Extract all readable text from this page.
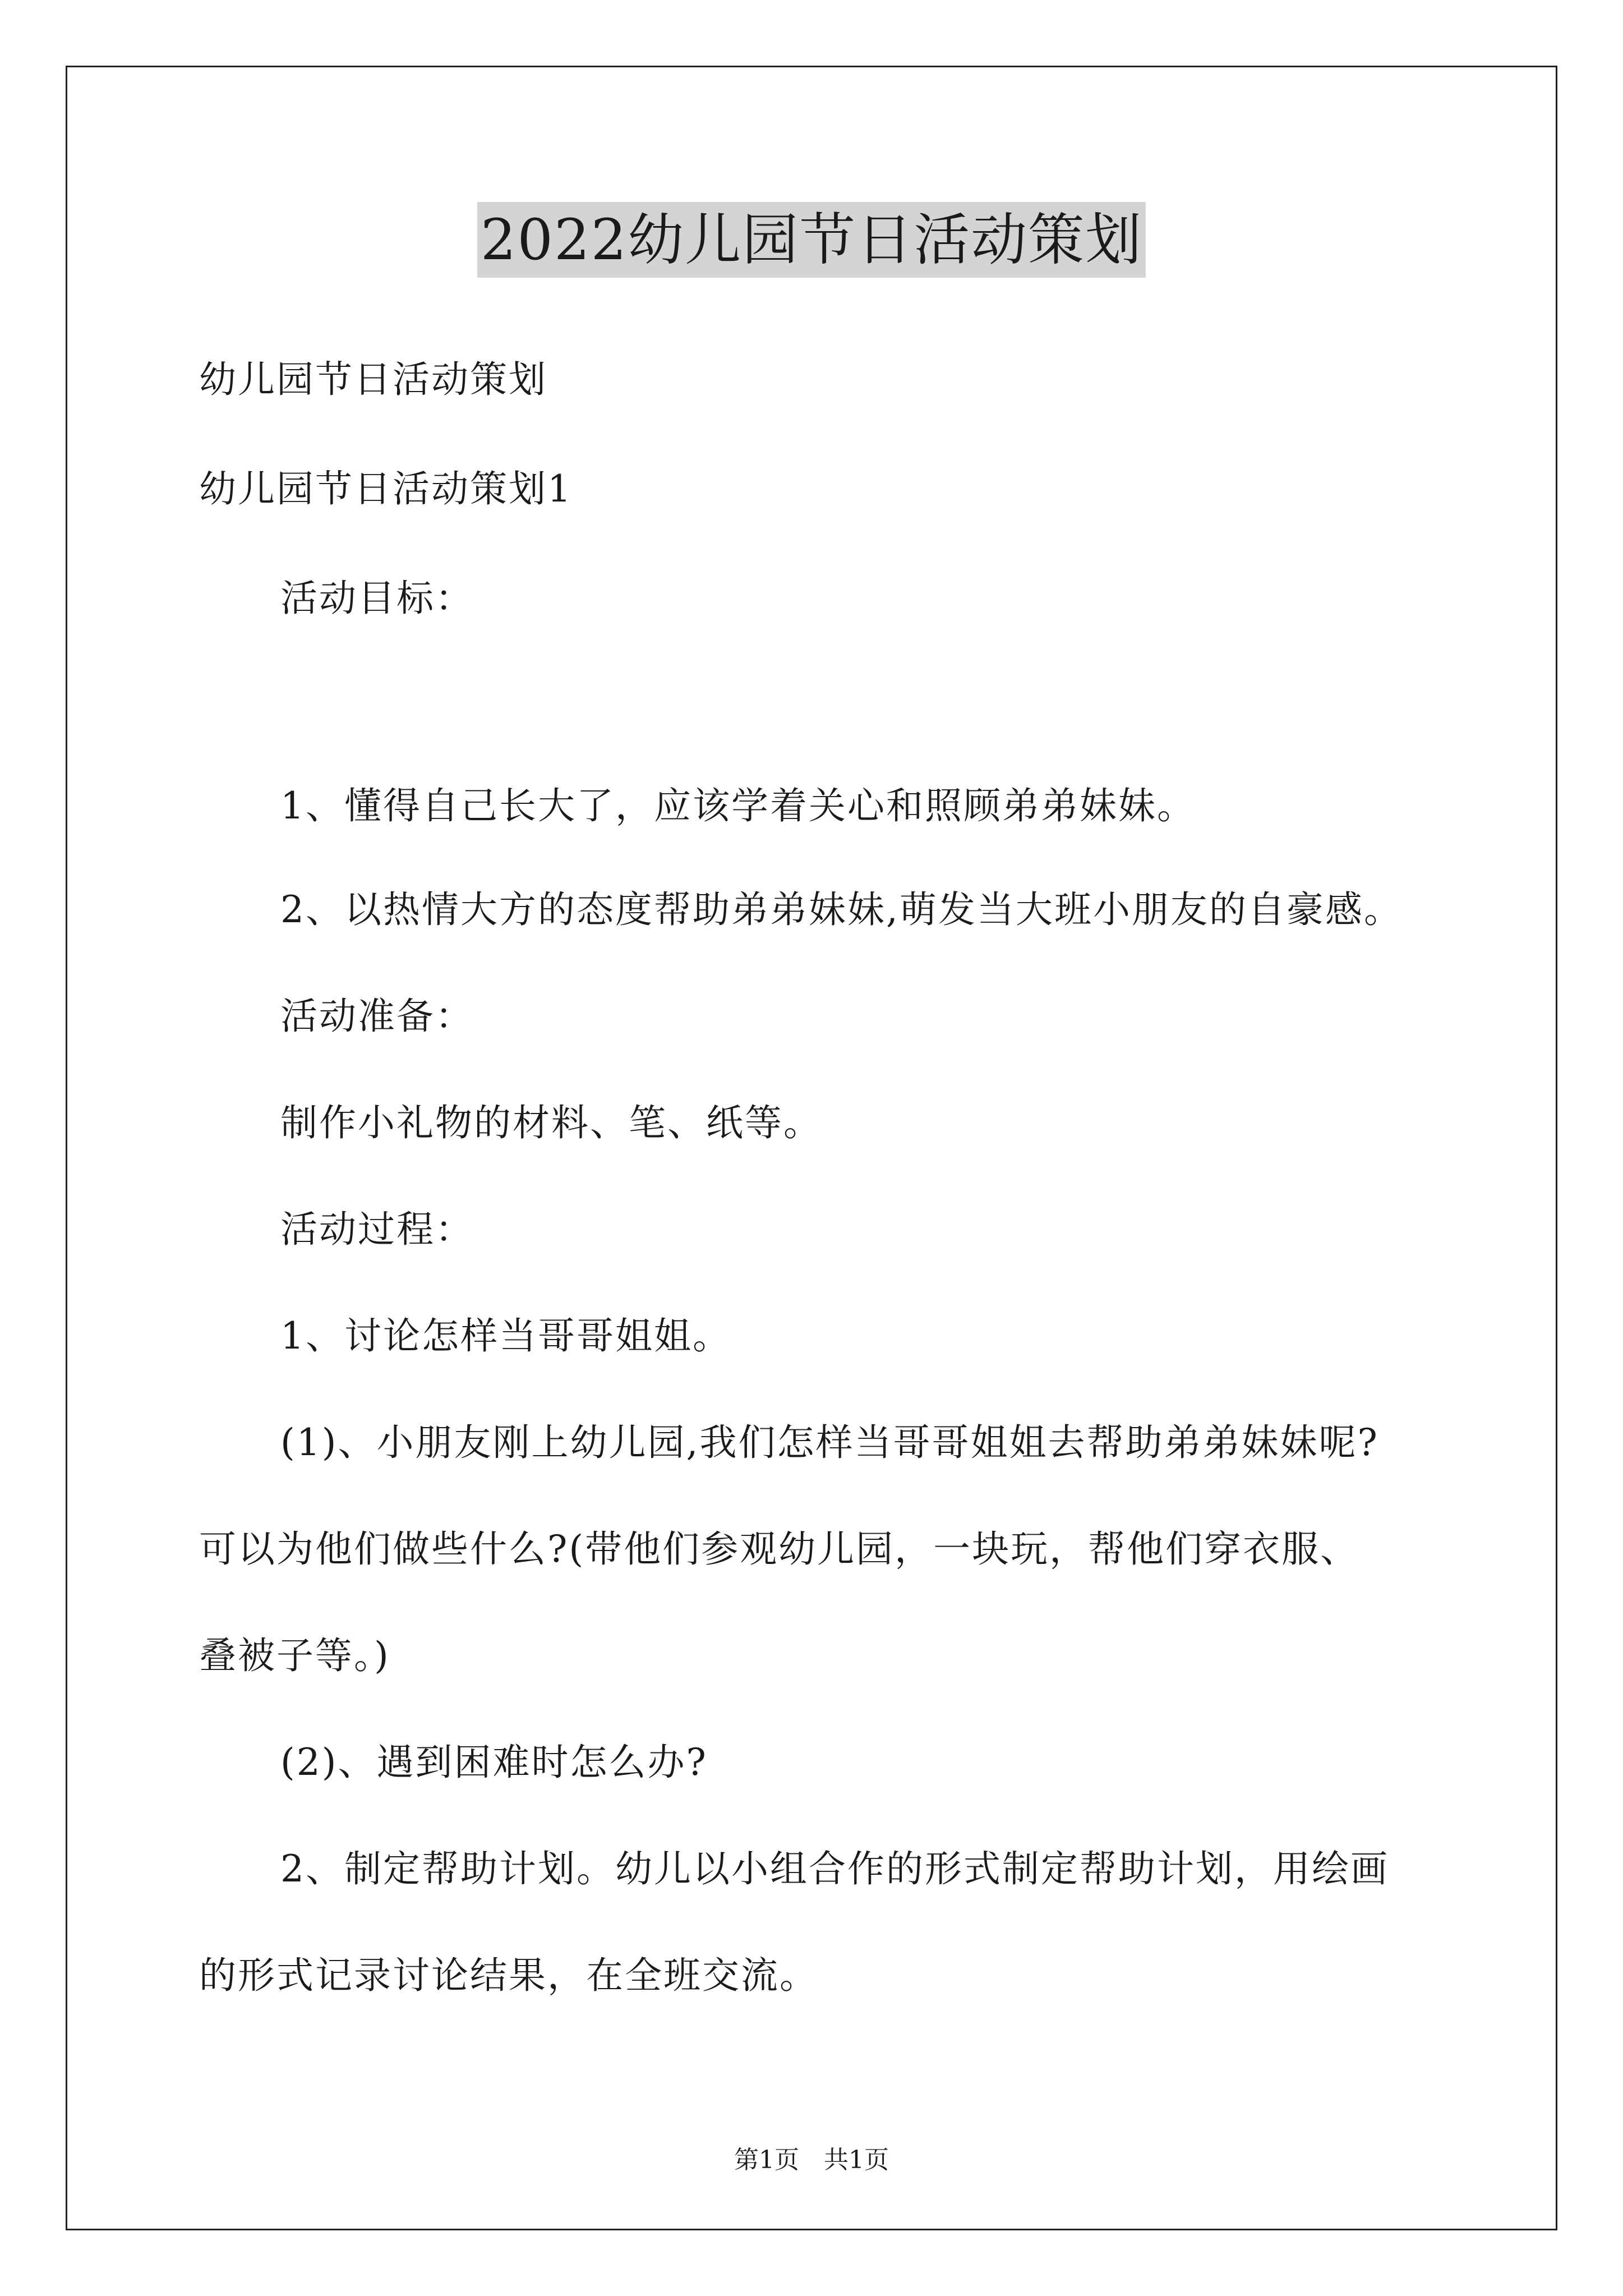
2022幼儿园节日活动策划
幼儿园节日活动策划
幼儿园节日活动策划1
活动目标：
1、懂得自己长大了，应该学着关心和照顾弟弟妹妹。
2、以热情大方的态度帮助弟弟妹妹,萌发当大班小朋友的自豪感。
活动准备：
制作小礼物的材料、笔、纸等。
活动过程：
1、讨论怎样当哥哥姐姐。
(1)、小朋友刚上幼儿园,我们怎样当哥哥姐姐去帮助弟弟妹妹呢?
可以为他们做些什么?(带他们参观幼儿园，一块玩，帮他们穿衣服、
叠被子等。)
(2)、遇到困难时怎么办?
2、制定帮助计划。幼儿以小组合作的形式制定帮助计划，用绘画
的形式记录讨论结果，在全班交流。
第1页　共1页
